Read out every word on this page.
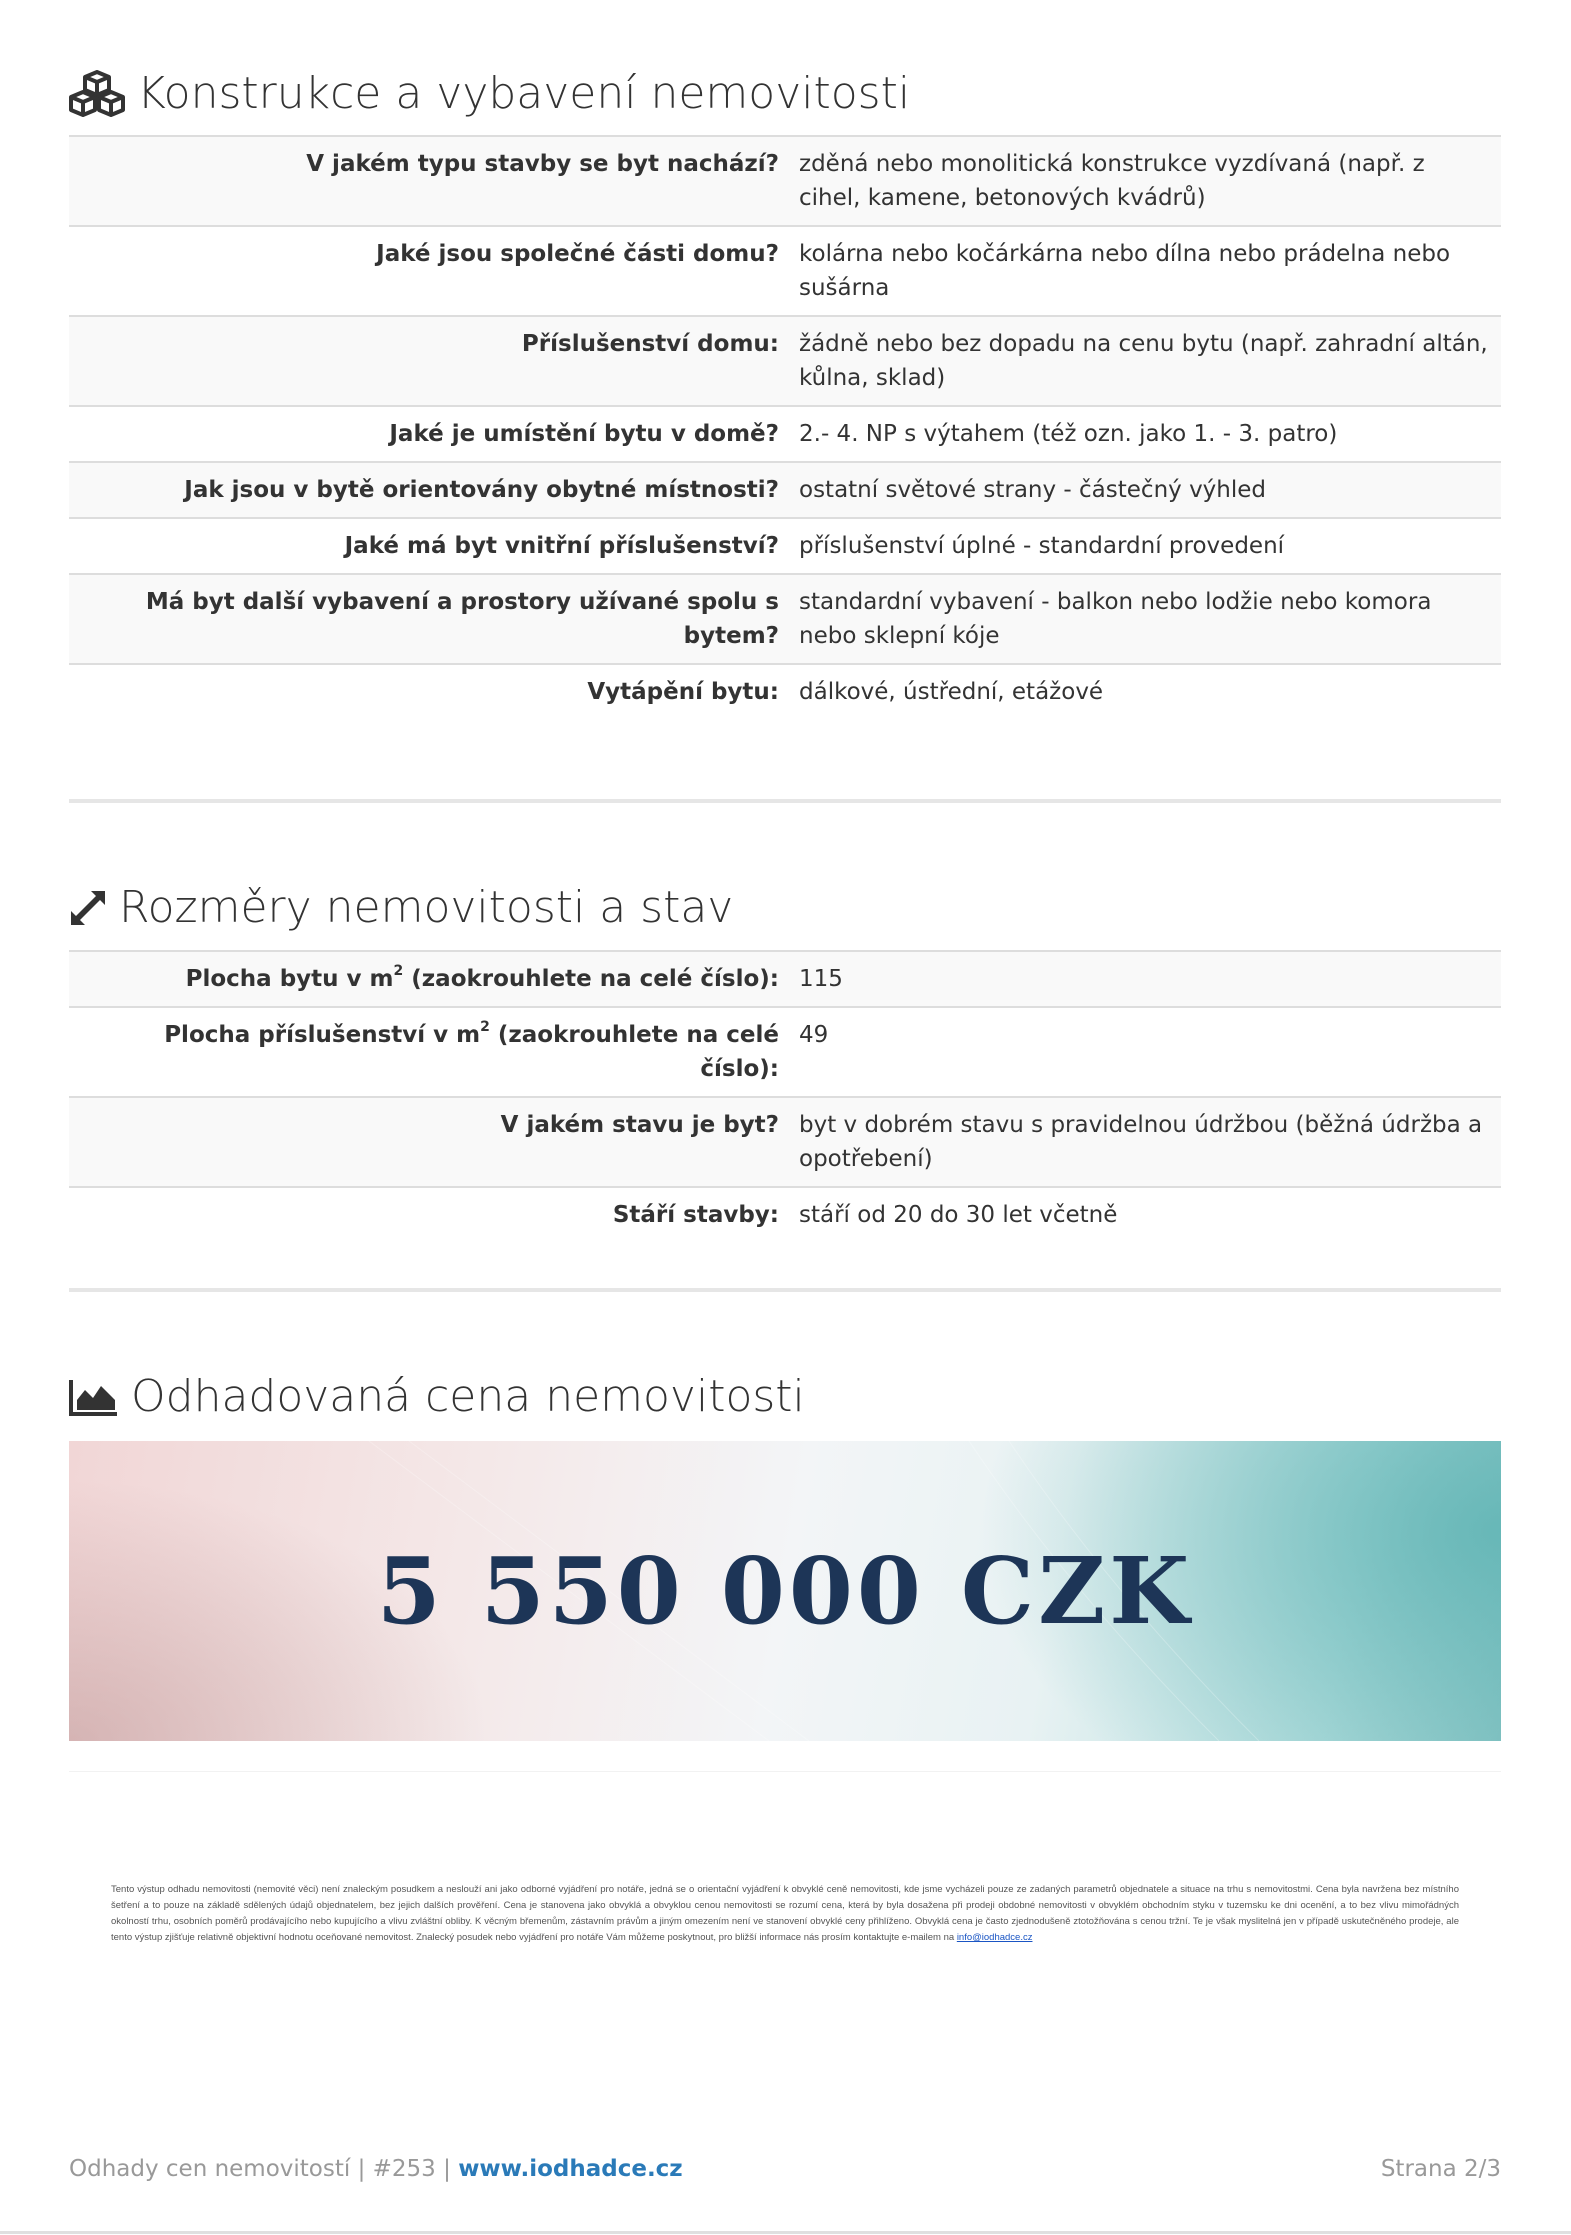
Konstrukce a vybavení nemovitosti
V jakém typu stavby se byt nachází?	zděná nebo monolitická konstrukce vyzdívaná (např. z cihel, kamene, betonových kvádrů)
Jaké jsou společné části domu?	kolárna nebo kočárkárna nebo dílna nebo prádelna nebo sušárna
Příslušenství domu:	žádně nebo bez dopadu na cenu bytu (např. zahradní altán, kůlna, sklad)
Jaké je umístění bytu v domě?	2.- 4. NP s výtahem (též ozn. jako 1. - 3. patro)
Jak jsou v bytě orientovány obytné místnosti?	ostatní světové strany - částečný výhled
Jaké má byt vnitřní příslušenství?	příslušenství úplné - standardní provedení
Má byt další vybavení a prostory užívané spolu s bytem?	standardní vybavení - balkon nebo lodžie nebo komora nebo sklepní kóje
Vytápění bytu:	dálkové, ústřední, etážové
Rozměry nemovitosti a stav
Plocha bytu v $m^2$ (zaokrouhlete na celé číslo):	115
Plocha příslušenství v $m^2$ (zaokrouhlete na celé číslo):	49
V jakém stavu je byt?	byt v dobrém stavu s pravidelnou údržbou (běžná údržba a opotřebení)
Stáří stavby:	stáří od 20 do 30 let včetně
Odhadovaná cena nemovitosti
5 550 000 CZK
Tento výstup odhadu nemovitosti (nemovité věci) není znaleckým posudkem a neslouží ani jako odborné vyjádření pro notáře, jedná se o orientační vyjádření k obvyklé ceně nemovitosti, kde jsme vycházeli pouze ze zadaných parametrů objednatele a situace na trhu s nemovitostmi. Cena byla navržena bez místního šetření a to pouze na základě sdělených údajů objednatelem, bez jejich dalších prověření. Cena je stanovena jako obvyklá a obvyklou cenou nemovitosti se rozumí cena, která by byla dosažena při prodeji obdobné nemovitosti v obvyklém obchodním styku v tuzemsku ke dni ocenění, a to bez vlivu mimořádných okolností trhu, osobních poměrů prodávajícího nebo kupujícího a vlivu zvláštní obliby. K věcným břemenům, zástavním právům a jiným omezením není ve stanovení obvyklé ceny přihlíženo. Obvyklá cena je často zjednodušeně ztotožňována s cenou tržní. Te je však myslitelná jen v případě uskutečněného prodeje, ale tento výstup zjišťuje relativně objektivní hodnotu oceňované nemovitost. Znalecký posudek nebo vyjádření pro notáře Vám můžeme poskytnout, pro bližší informace nás prosím kontaktujte e-mailem na info@iodhadce.cz
Odhady cen nemovitostí | #253 | www.iodhadce.cz	Strana 2/3
